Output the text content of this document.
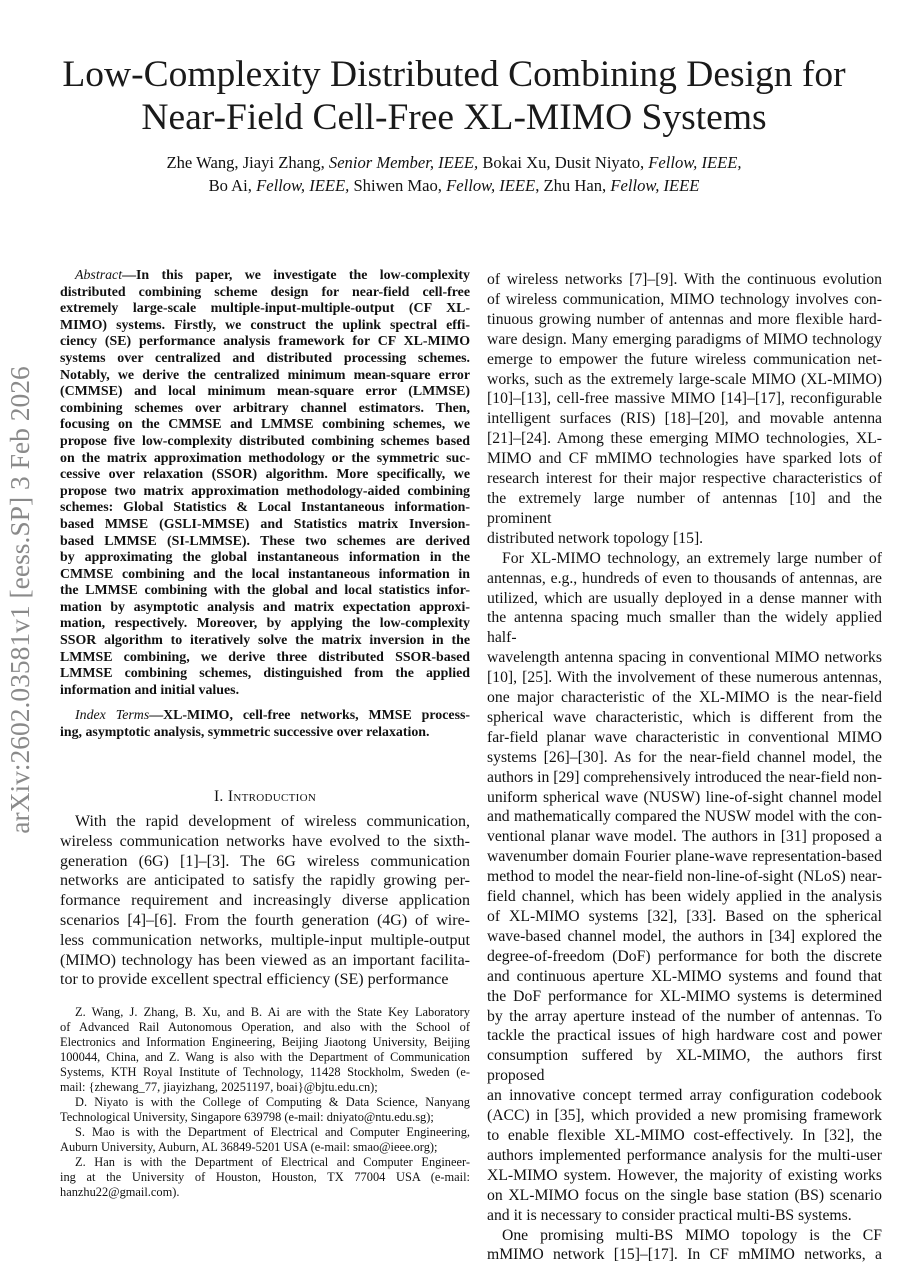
arXiv:2602.03581v1 [eess.SP] 3 Feb 2026
Low-Complexity Distributed Combining Design for
Near-Field Cell-Free XL-MIMO Systems
Zhe Wang, Jiayi Zhang, Senior Member, IEEE, Bokai Xu, Dusit Niyato, Fellow, IEEE,
Bo Ai, Fellow, IEEE, Shiwen Mao, Fellow, IEEE, Zhu Han, Fellow, IEEE
Abstract—In this paper, we investigate the low-complexity
distributed combining scheme design for near-field cell-free
extremely large-scale multiple-input-multiple-output (CF XL-
MIMO) systems. Firstly, we construct the uplink spectral effi-
ciency (SE) performance analysis framework for CF XL-MIMO
systems over centralized and distributed processing schemes.
Notably, we derive the centralized minimum mean-square error
(CMMSE) and local minimum mean-square error (LMMSE)
combining schemes over arbitrary channel estimators. Then,
focusing on the CMMSE and LMMSE combining schemes, we
propose five low-complexity distributed combining schemes based
on the matrix approximation methodology or the symmetric suc-
cessive over relaxation (SSOR) algorithm. More specifically, we
propose two matrix approximation methodology-aided combining
schemes: Global Statistics & Local Instantaneous information-
based MMSE (GSLI-MMSE) and Statistics matrix Inversion-
based LMMSE (SI-LMMSE). These two schemes are derived
by approximating the global instantaneous information in the
CMMSE combining and the local instantaneous information in
the LMMSE combining with the global and local statistics infor-
mation by asymptotic analysis and matrix expectation approxi-
mation, respectively. Moreover, by applying the low-complexity
SSOR algorithm to iteratively solve the matrix inversion in the
LMMSE combining, we derive three distributed SSOR-based
LMMSE combining schemes, distinguished from the applied
information and initial values.
Index Terms—XL-MIMO, cell-free networks, MMSE process-
ing, asymptotic analysis, symmetric successive over relaxation.
I. Introduction
With the rapid development of wireless communication,
wireless communication networks have evolved to the sixth-
generation (6G) [1]–[3]. The 6G wireless communication
networks are anticipated to satisfy the rapidly growing per-
formance requirement and increasingly diverse application
scenarios [4]–[6]. From the fourth generation (4G) of wire-
less communication networks, multiple-input multiple-output
(MIMO) technology has been viewed as an important facilita-
tor to provide excellent spectral efficiency (SE) performance
Z. Wang, J. Zhang, B. Xu, and B. Ai are with the State Key Laboratory
of Advanced Rail Autonomous Operation, and also with the School of
Electronics and Information Engineering, Beijing Jiaotong University, Beijing
100044, China, and Z. Wang is also with the Department of Communication
Systems, KTH Royal Institute of Technology, 11428 Stockholm, Sweden (e-
mail: {zhewang_77, jiayizhang, 20251197, boai}@bjtu.edu.cn);
D. Niyato is with the College of Computing & Data Science, Nanyang
Technological University, Singapore 639798 (e-mail: dniyato@ntu.edu.sg);
S. Mao is with the Department of Electrical and Computer Engineering,
Auburn University, Auburn, AL 36849-5201 USA (e-mail: smao@ieee.org);
Z. Han is with the Department of Electrical and Computer Engineer-
ing at the University of Houston, Houston, TX 77004 USA (e-mail:
hanzhu22@gmail.com).
of wireless networks [7]–[9]. With the continuous evolution
of wireless communication, MIMO technology involves con-
tinuous growing number of antennas and more flexible hard-
ware design. Many emerging paradigms of MIMO technology
emerge to empower the future wireless communication net-
works, such as the extremely large-scale MIMO (XL-MIMO)
[10]–[13], cell-free massive MIMO [14]–[17], reconfigurable
intelligent surfaces (RIS) [18]–[20], and movable antenna
[21]–[24]. Among these emerging MIMO technologies, XL-
MIMO and CF mMIMO technologies have sparked lots of
research interest for their major respective characteristics of
the extremely large number of antennas [10] and the prominent
distributed network topology [15].
For XL-MIMO technology, an extremely large number of
antennas, e.g., hundreds of even to thousands of antennas, are
utilized, which are usually deployed in a dense manner with
the antenna spacing much smaller than the widely applied half-
wavelength antenna spacing in conventional MIMO networks
[10], [25]. With the involvement of these numerous antennas,
one major characteristic of the XL-MIMO is the near-field
spherical wave characteristic, which is different from the
far-field planar wave characteristic in conventional MIMO
systems [26]–[30]. As for the near-field channel model, the
authors in [29] comprehensively introduced the near-field non-
uniform spherical wave (NUSW) line-of-sight channel model
and mathematically compared the NUSW model with the con-
ventional planar wave model. The authors in [31] proposed a
wavenumber domain Fourier plane-wave representation-based
method to model the near-field non-line-of-sight (NLoS) near-
field channel, which has been widely applied in the analysis
of XL-MIMO systems [32], [33]. Based on the spherical
wave-based channel model, the authors in [34] explored the
degree-of-freedom (DoF) performance for both the discrete
and continuous aperture XL-MIMO systems and found that
the DoF performance for XL-MIMO systems is determined
by the array aperture instead of the number of antennas. To
tackle the practical issues of high hardware cost and power
consumption suffered by XL-MIMO, the authors first proposed
an innovative concept termed array configuration codebook
(ACC) in [35], which provided a new promising framework
to enable flexible XL-MIMO cost-effectively. In [32], the
authors implemented performance analysis for the multi-user
XL-MIMO system. However, the majority of existing works
on XL-MIMO focus on the single base station (BS) scenario
and it is necessary to consider practical multi-BS systems.
One promising multi-BS MIMO topology is the CF
mMIMO network [15]–[17]. In CF mMIMO networks, a
